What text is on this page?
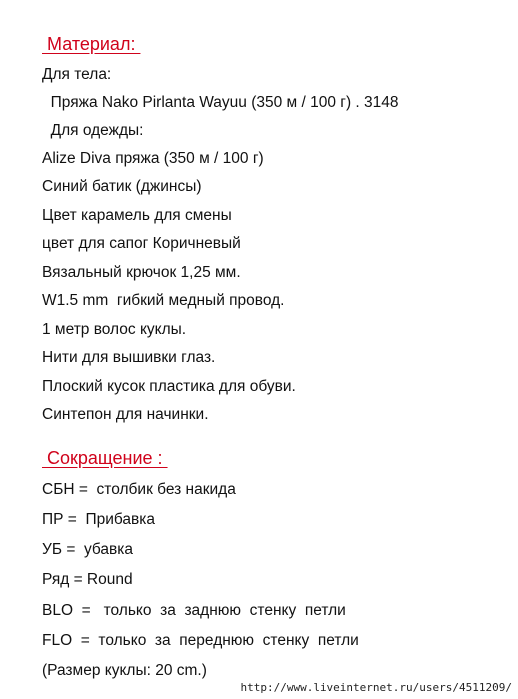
Материал:
Для тела:
Пряжа Nako Pirlanta Wayuu (350 м / 100 г) . 3148
Для одежды:
Alize Diva пряжа (350 м / 100 г)
Синий батик (джинсы)
Цвет карамель для смены
цвет для сапог Коричневый
Вязальный крючок 1,25 мм.
W1.5 mm  гибкий медный провод.
1 метр волос куклы.
Нити для вышивки глаз.
Плоский кусок пластика для обуви.
Синтепон для начинки.
Сокращение :
СБН =  столбик без накида
ПР =  Прибавка
УБ =  убавка
Ряд = Round
BLO  =   только  за  заднюю  стенку  петли
FLO  =  только  за  переднюю  стенку  петли
(Размер куклы: 20 cm.)
http://www.liveinternet.ru/users/4511209/
